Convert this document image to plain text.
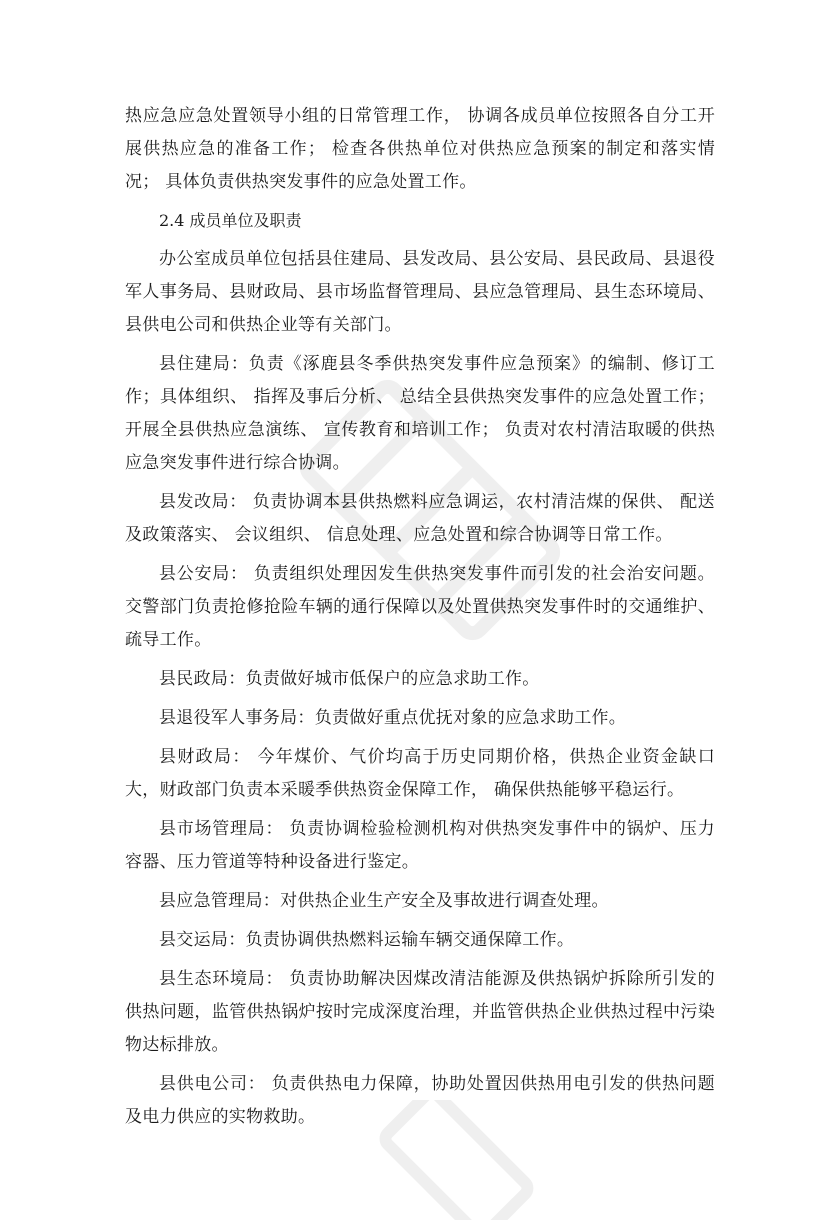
热应急应急处置领导小组的日常管理工作， 协调各成员单位按照各自分工开展供热应急的准备工作； 检查各供热单位对供热应急预案的制定和落实情况； 具体负责供热突发事件的应急处置工作。

2.4 成员单位及职责

办公室成员单位包括县住建局、县发改局、县公安局、县民政局、县退役军人事务局、县财政局、县市场监督管理局、县应急管理局、县生态环境局、县供电公司和供热企业等有关部门。

县住建局：负责《涿鹿县冬季供热突发事件应急预案》的编制、修订工作；具体组织、 指挥及事后分析、 总结全县供热突发事件的应急处置工作； 开展全县供热应急演练、 宣传教育和培训工作； 负责对农村清洁取暖的供热应急突发事件进行综合协调。

县发改局： 负责协调本县供热燃料应急调运，农村清洁煤的保供、 配送及政策落实、 会议组织、 信息处理、应急处置和综合协调等日常工作。

县公安局： 负责组织处理因发生供热突发事件而引发的社会治安问题。交警部门负责抢修抢险车辆的通行保障以及处置供热突发事件时的交通维护、疏导工作。

县民政局：负责做好城市低保户的应急求助工作。

县退役军人事务局：负责做好重点优抚对象的应急求助工作。

县财政局： 今年煤价、气价均高于历史同期价格，供热企业资金缺口大，财政部门负责本采暖季供热资金保障工作， 确保供热能够平稳运行。

县市场管理局： 负责协调检验检测机构对供热突发事件中的锅炉、压力容器、压力管道等特种设备进行鉴定。

县应急管理局：对供热企业生产安全及事故进行调查处理。

县交运局：负责协调供热燃料运输车辆交通保障工作。

县生态环境局： 负责协助解决因煤改清洁能源及供热锅炉拆除所引发的供热问题，监管供热锅炉按时完成深度治理，并监管供热企业供热过程中污染物达标排放。

县供电公司： 负责供热电力保障，协助处置因供热用电引发的供热问题及电力供应的实物救助。
